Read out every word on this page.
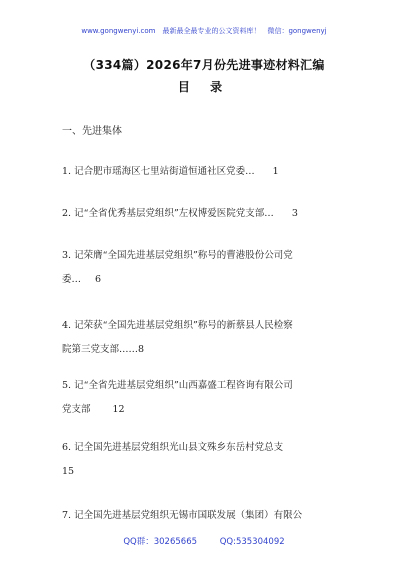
www.gongwenyi.com　最新最全最专业的公文资料库！　微信：gongwenyj
（334篇）2026年7月份先进事迹材料汇编
目 录
一、先进集体
1. 记合肥市瑶海区七里站街道恒通社区党委… 1
2. 记“全省优秀基层党组织”左权博爱医院党支部… 3
3. 记荣膺“全国先进基层党组织”称号的曹港股份公司党
委… 6
4. 记荣获“全国先进基层党组织”称号的新蔡县人民检察
院第三党支部……8
5. 记“全省先进基层党组织”山西嘉盛工程咨询有限公司
党支部 12
6. 记全国先进基层党组织光山县文殊乡东岳村党总支
15
7. 记全国先进基层党组织无锡市国联发展（集团）有限公
QQ群：30265665	QQ:535304092
